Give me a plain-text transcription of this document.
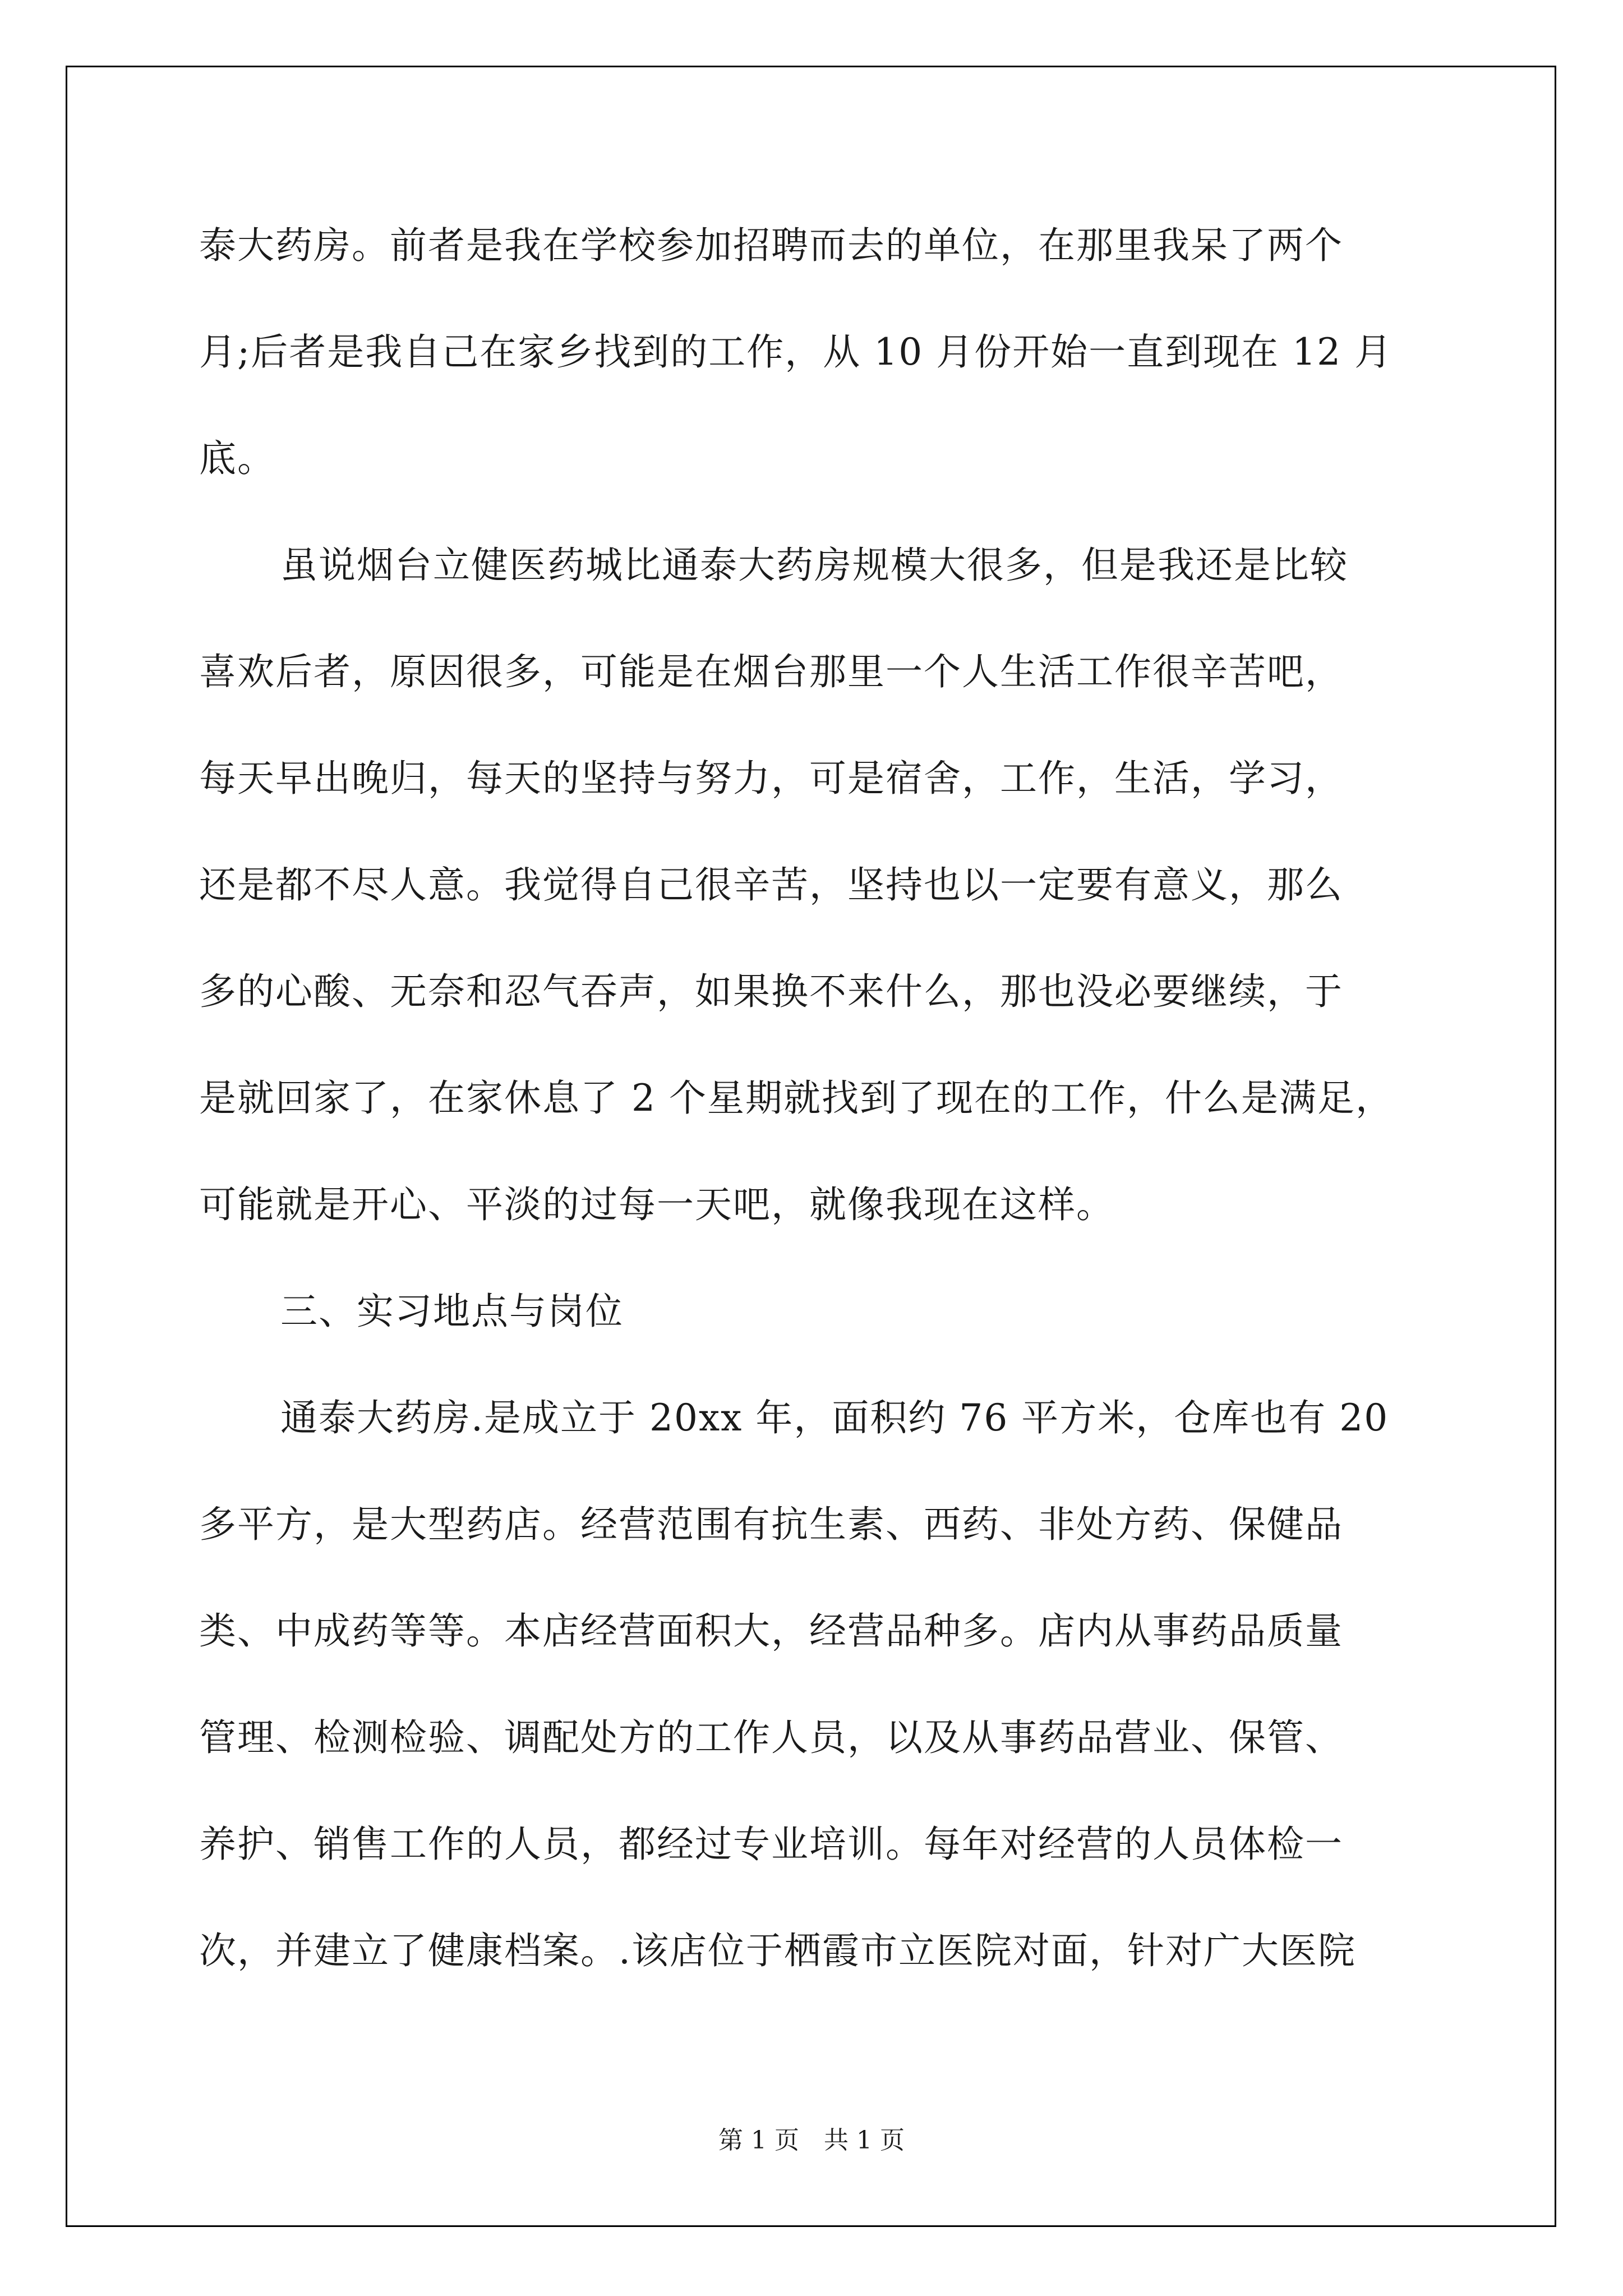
泰大药房。前者是我在学校参加招聘而去的单位，在那里我呆了两个
月;后者是我自己在家乡找到的工作，从 10 月份开始一直到现在 12 月
底。
虽说烟台立健医药城比通泰大药房规模大很多，但是我还是比较
喜欢后者，原因很多，可能是在烟台那里一个人生活工作很辛苦吧，
每天早出晚归，每天的坚持与努力，可是宿舍，工作，生活，学习，
还是都不尽人意。我觉得自己很辛苦，坚持也以一定要有意义，那么
多的心酸、无奈和忍气吞声，如果换不来什么，那也没必要继续，于
是就回家了，在家休息了 2 个星期就找到了现在的工作，什么是满足，
可能就是开心、平淡的过每一天吧，就像我现在这样。
三、实习地点与岗位
通泰大药房.是成立于 20xx 年，面积约 76 平方米，仓库也有 20
多平方，是大型药店。经营范围有抗生素、西药、非处方药、保健品
类、中成药等等。本店经营面积大，经营品种多。店内从事药品质量
管理、检测检验、调配处方的工作人员，以及从事药品营业、保管、
养护、销售工作的人员，都经过专业培训。每年对经营的人员体检一
次，并建立了健康档案。.该店位于栖霞市立医院对面，针对广大医院
第 1 页　共 1 页
